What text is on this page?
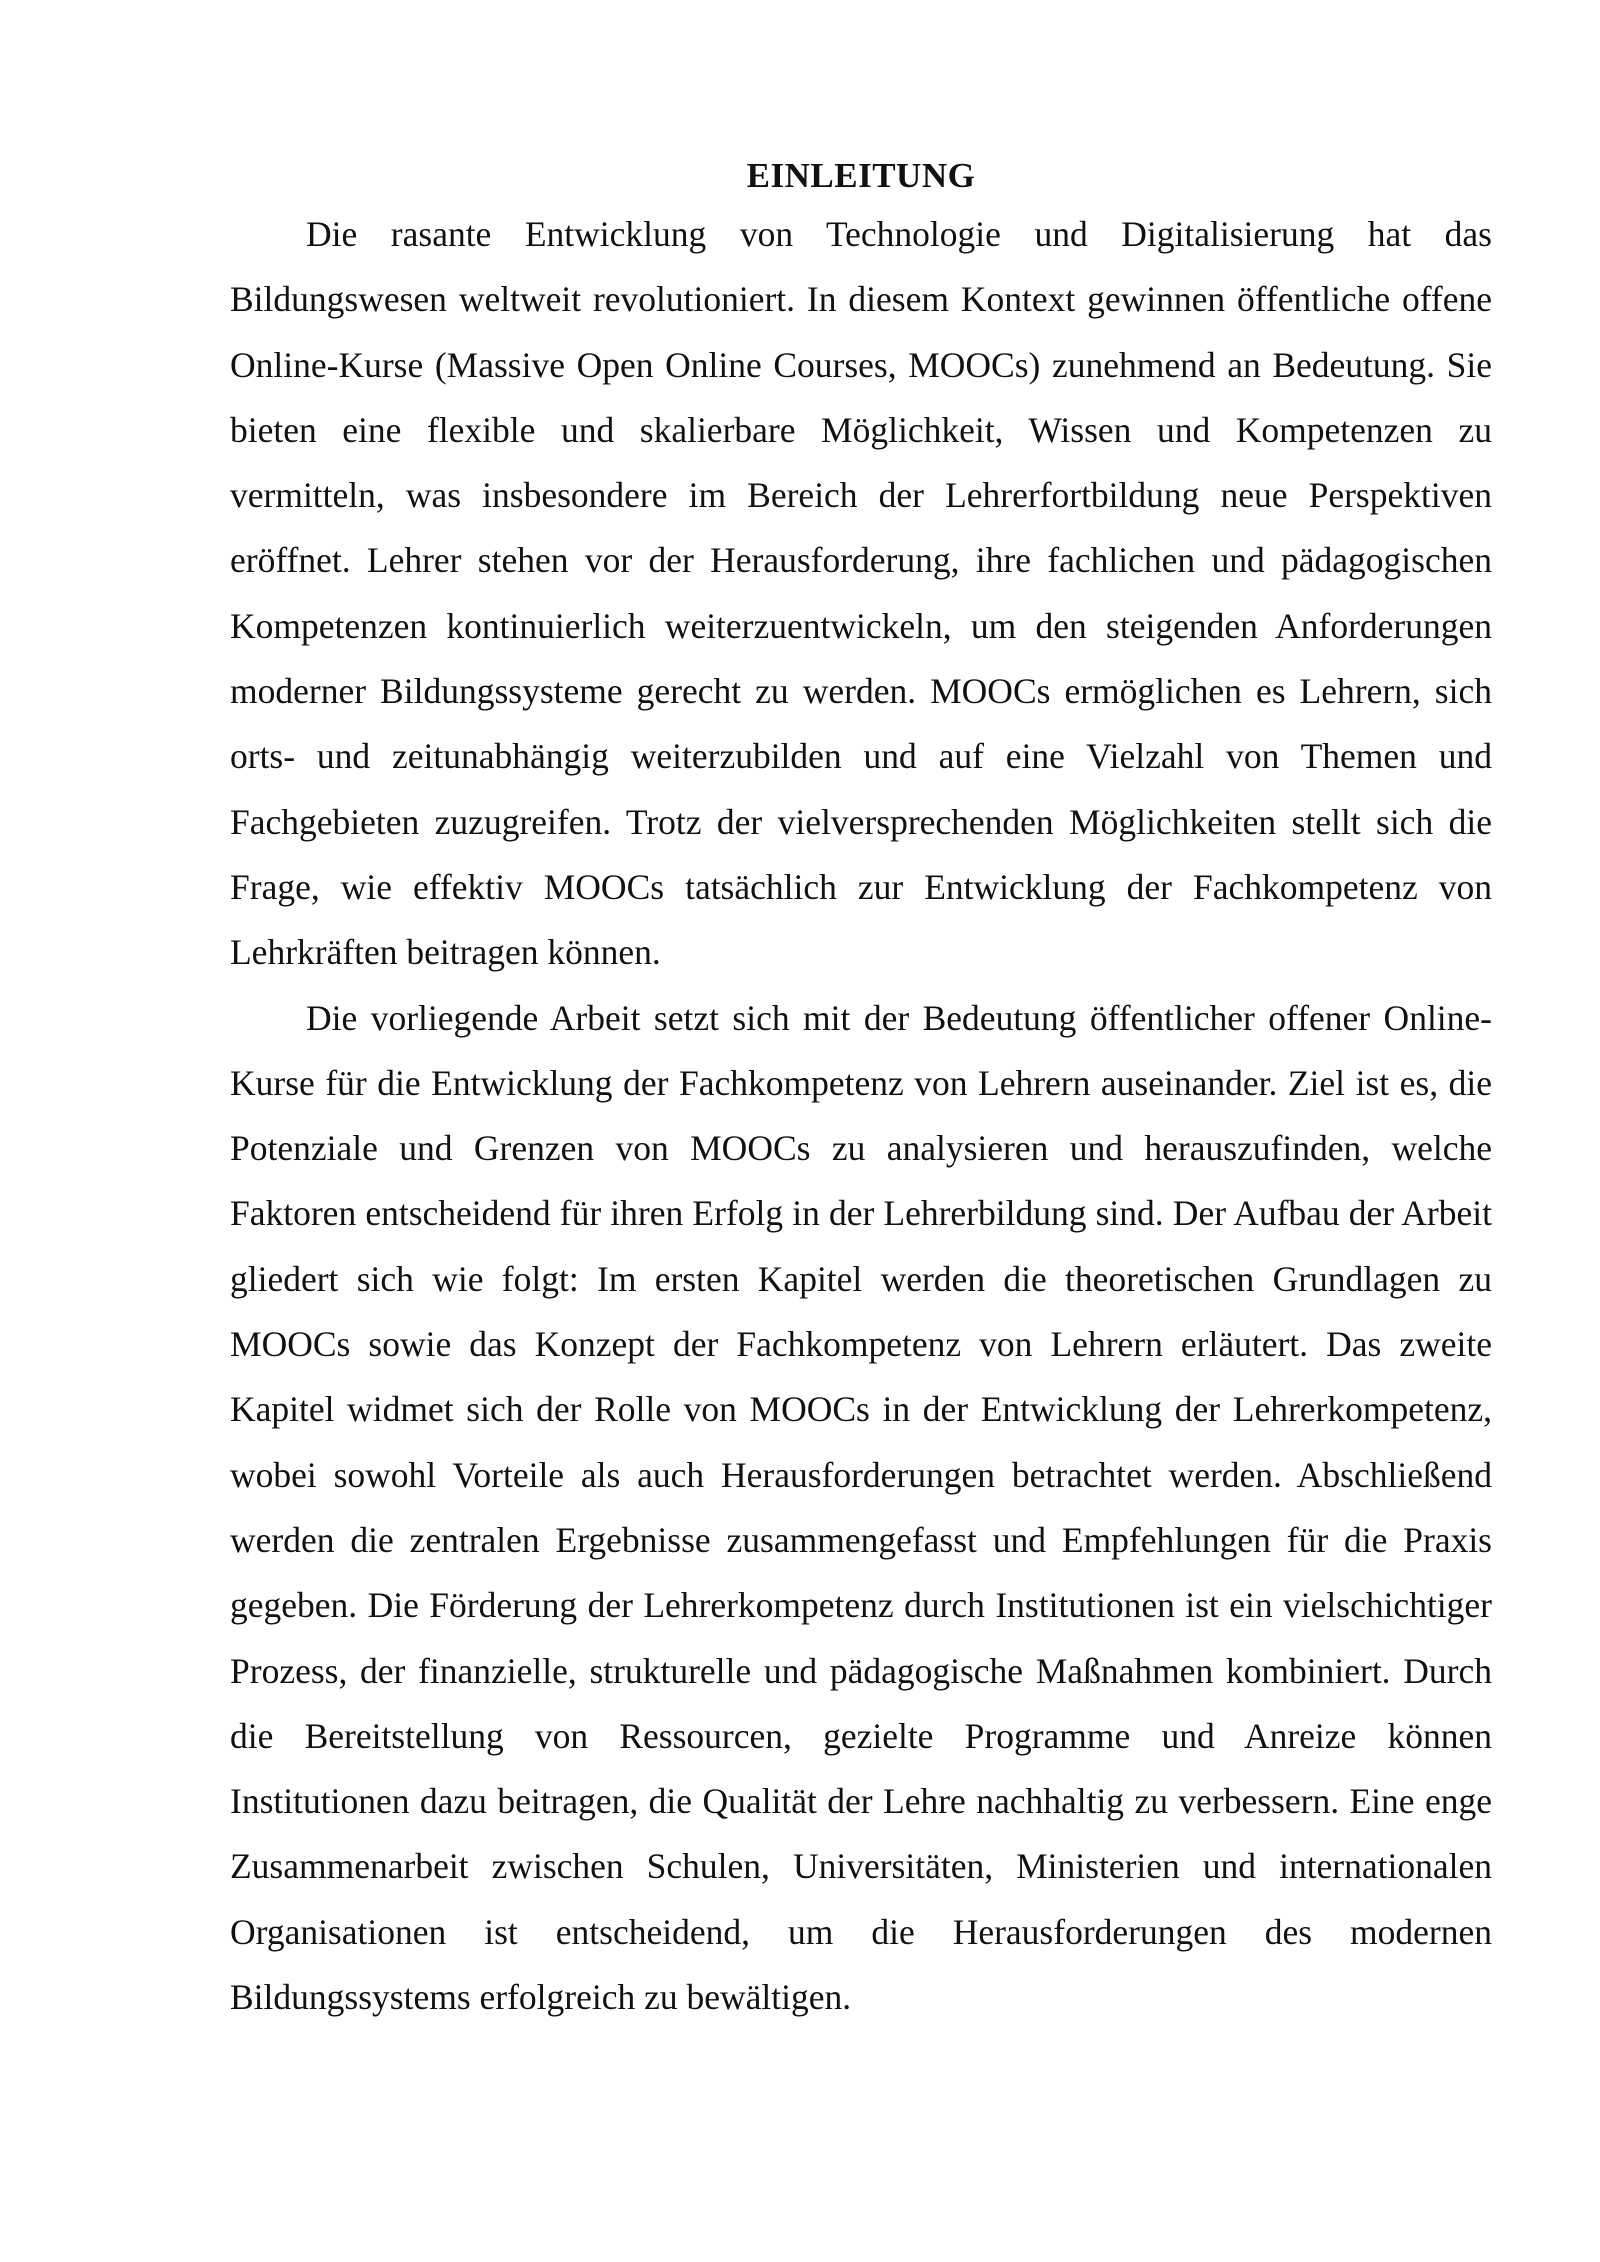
EINLEITUNG

Die rasante Entwicklung von Technologie und Digitalisierung hat das Bildungswesen weltweit revolutioniert. In diesem Kontext gewinnen öffentliche offene Online-Kurse (Massive Open Online Courses, MOOCs) zunehmend an Bedeutung. Sie bieten eine flexible und skalierbare Möglichkeit, Wissen und Kompetenzen zu vermitteln, was insbesondere im Bereich der Lehrerfortbildung neue Perspektiven eröffnet. Lehrer stehen vor der Herausforderung, ihre fachlichen und pädagogischen Kompetenzen kontinuierlich weiterzuentwickeln, um den steigenden Anforderungen moderner Bildungssysteme gerecht zu werden. MOOCs ermöglichen es Lehrern, sich orts- und zeitunabhängig weiterzubilden und auf eine Vielzahl von Themen und Fachgebieten zuzugreifen. Trotz der vielversprechenden Möglichkeiten stellt sich die Frage, wie effektiv MOOCs tatsächlich zur Entwicklung der Fachkompetenz von Lehrkräften beitragen können.

Die vorliegende Arbeit setzt sich mit der Bedeutung öffentlicher offener Online-Kurse für die Entwicklung der Fachkompetenz von Lehrern auseinander. Ziel ist es, die Potenziale und Grenzen von MOOCs zu analysieren und herauszufinden, welche Faktoren entscheidend für ihren Erfolg in der Lehrerbildung sind. Der Aufbau der Arbeit gliedert sich wie folgt: Im ersten Kapitel werden die theoretischen Grundlagen zu MOOCs sowie das Konzept der Fachkompetenz von Lehrern erläutert. Das zweite Kapitel widmet sich der Rolle von MOOCs in der Entwicklung der Lehrerkompetenz, wobei sowohl Vorteile als auch Herausforderungen betrachtet werden. Abschließend werden die zentralen Ergebnisse zusammengefasst und Empfehlungen für die Praxis gegeben. Die Förderung der Lehrerkompetenz durch Institutionen ist ein vielschichtiger Prozess, der finanzielle, strukturelle und pädagogische Maßnahmen kombiniert. Durch die Bereitstellung von Ressourcen, gezielte Programme und Anreize können Institutionen dazu beitragen, die Qualität der Lehre nachhaltig zu verbessern. Eine enge Zusammenarbeit zwischen Schulen, Universitäten, Ministerien und internationalen Organisationen ist entscheidend, um die Herausforderungen des modernen Bildungssystems erfolgreich zu bewältigen.
